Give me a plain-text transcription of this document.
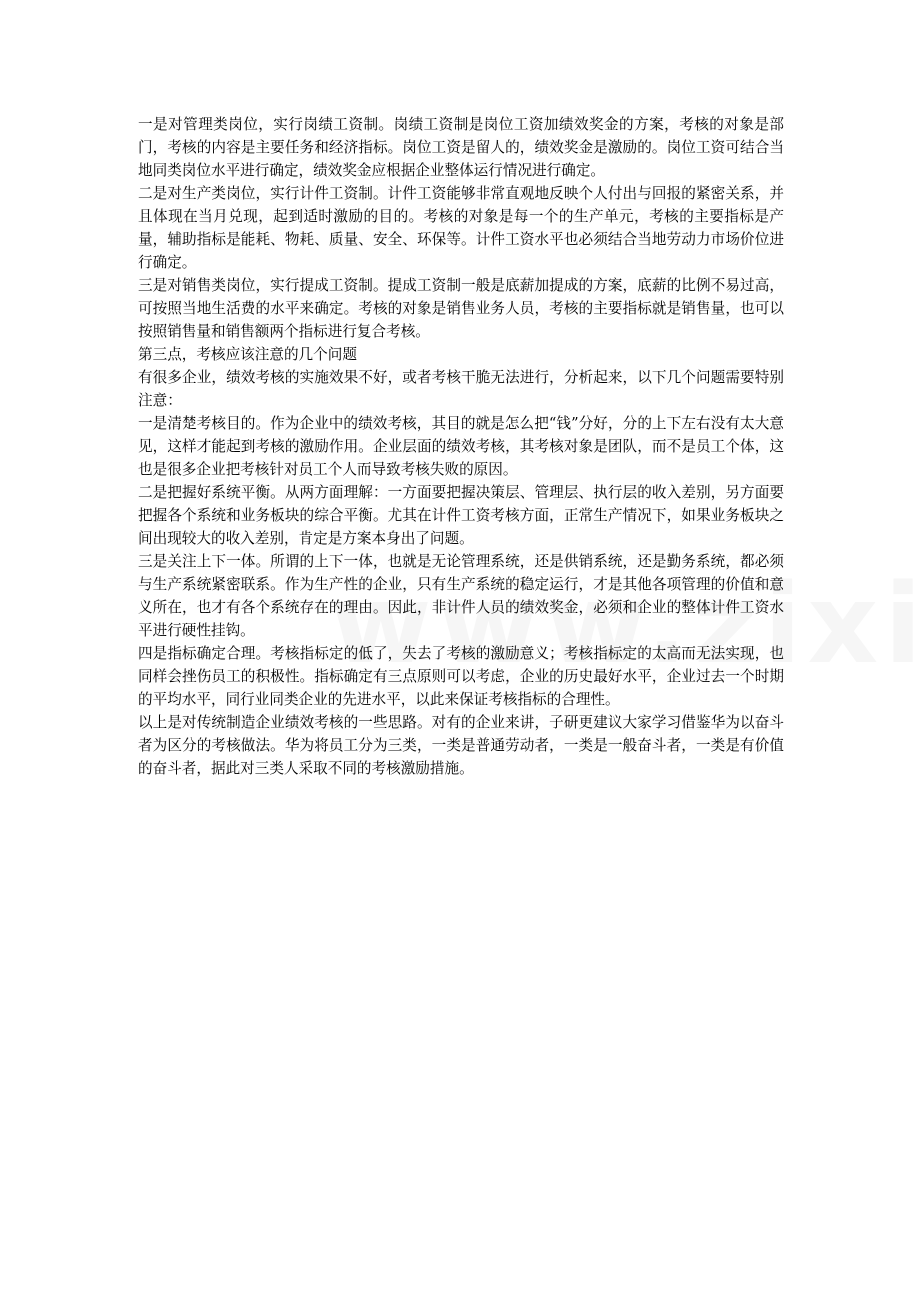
一是对管理类岗位，实行岗绩工资制。岗绩工资制是岗位工资加绩效奖金的方案，考核的对象是部门，考核的内容是主要任务和经济指标。岗位工资是留人的，绩效奖金是激励的。岗位工资可结合当地同类岗位水平进行确定，绩效奖金应根据企业整体运行情况进行确定。

二是对生产类岗位，实行计件工资制。计件工资能够非常直观地反映个人付出与回报的紧密关系，并且体现在当月兑现，起到适时激励的目的。考核的对象是每一个的生产单元，考核的主要指标是产量，辅助指标是能耗、物耗、质量、安全、环保等。计件工资水平也必须结合当地劳动力市场价位进行确定。

三是对销售类岗位，实行提成工资制。提成工资制一般是底薪加提成的方案，底薪的比例不易过高，可按照当地生活费的水平来确定。考核的对象是销售业务人员，考核的主要指标就是销售量，也可以按照销售量和销售额两个指标进行复合考核。

第三点，考核应该注意的几个问题

有很多企业，绩效考核的实施效果不好，或者考核干脆无法进行，分析起来，以下几个问题需要特别注意：

一是清楚考核目的。作为企业中的绩效考核，其目的就是怎么把“钱”分好，分的上下左右没有太大意见，这样才能起到考核的激励作用。企业层面的绩效考核，其考核对象是团队，而不是员工个体，这也是很多企业把考核针对员工个人而导致考核失败的原因。

二是把握好系统平衡。从两方面理解：一方面要把握决策层、管理层、执行层的收入差别，另方面要把握各个系统和业务板块的综合平衡。尤其在计件工资考核方面，正常生产情况下，如果业务板块之间出现较大的收入差别，肯定是方案本身出了问题。

三是关注上下一体。所谓的上下一体，也就是无论管理系统，还是供销系统，还是勤务系统，都必须与生产系统紧密联系。作为生产性的企业，只有生产系统的稳定运行，才是其他各项管理的价值和意义所在，也才有各个系统存在的理由。因此，非计件人员的绩效奖金，必须和企业的整体计件工资水平进行硬性挂钩。

四是指标确定合理。考核指标定的低了，失去了考核的激励意义；考核指标定的太高而无法实现，也同样会挫伤员工的积极性。指标确定有三点原则可以考虑，企业的历史最好水平，企业过去一个时期的平均水平，同行业同类企业的先进水平，以此来保证考核指标的合理性。

以上是对传统制造企业绩效考核的一些思路。对有的企业来讲，子研更建议大家学习借鉴华为以奋斗者为区分的考核做法。华为将员工分为三类，一类是普通劳动者，一类是一般奋斗者，一类是有价值的奋斗者，据此对三类人采取不同的考核激励措施。
